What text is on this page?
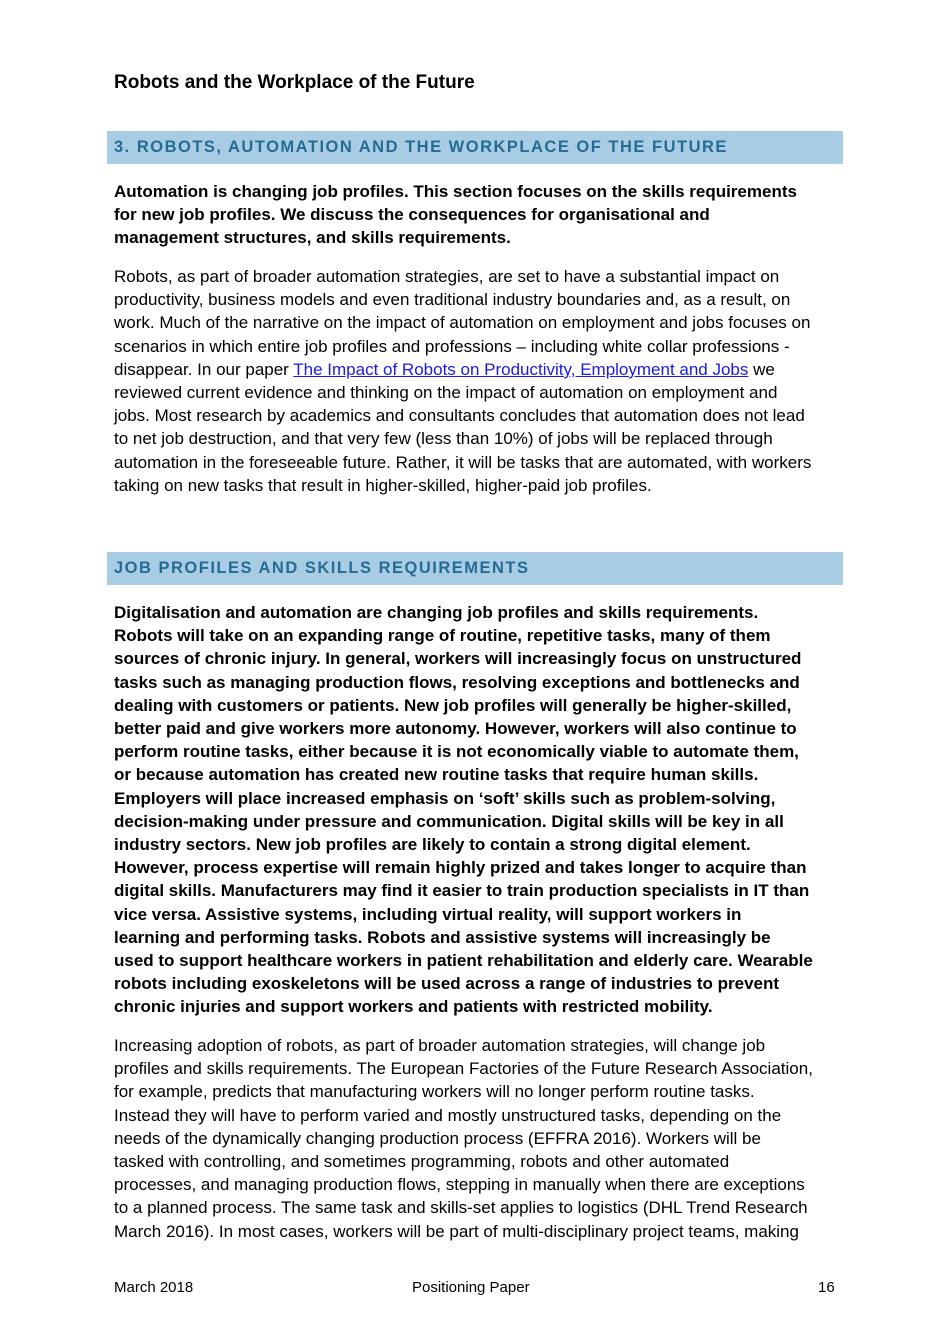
Robots and the Workplace of the Future
3. ROBOTS, AUTOMATION AND THE WORKPLACE OF THE FUTURE

Automation is changing job profiles. This section focuses on the skills requirements
for new job profiles. We discuss the consequences for organisational and
management structures, and skills requirements.

Robots, as part of broader automation strategies, are set to have a substantial impact on
productivity, business models and even traditional industry boundaries and, as a result, on
work. Much of the narrative on the impact of automation on employment and jobs focuses on
scenarios in which entire job profiles and professions – including white collar professions -
disappear. In our paper The Impact of Robots on Productivity, Employment and Jobs we
reviewed current evidence and thinking on the impact of automation on employment and
jobs. Most research by academics and consultants concludes that automation does not lead
to net job destruction, and that very few (less than 10%) of jobs will be replaced through
automation in the foreseeable future. Rather, it will be tasks that are automated, with workers
taking on new tasks that result in higher-skilled, higher-paid job profiles.

JOB PROFILES AND SKILLS REQUIREMENTS

Digitalisation and automation are changing job profiles and skills requirements.
Robots will take on an expanding range of routine, repetitive tasks, many of them
sources of chronic injury. In general, workers will increasingly focus on unstructured
tasks such as managing production flows, resolving exceptions and bottlenecks and
dealing with customers or patients. New job profiles will generally be higher-skilled,
better paid and give workers more autonomy. However, workers will also continue to
perform routine tasks, either because it is not economically viable to automate them,
or because automation has created new routine tasks that require human skills.
Employers will place increased emphasis on ‘soft’ skills such as problem-solving,
decision-making under pressure and communication. Digital skills will be key in all
industry sectors. New job profiles are likely to contain a strong digital element.
However, process expertise will remain highly prized and takes longer to acquire than
digital skills. Manufacturers may find it easier to train production specialists in IT than
vice versa. Assistive systems, including virtual reality, will support workers in
learning and performing tasks. Robots and assistive systems will increasingly be
used to support healthcare workers in patient rehabilitation and elderly care. Wearable
robots including exoskeletons will be used across a range of industries to prevent
chronic injuries and support workers and patients with restricted mobility.

Increasing adoption of robots, as part of broader automation strategies, will change job
profiles and skills requirements. The European Factories of the Future Research Association,
for example, predicts that manufacturing workers will no longer perform routine tasks.
Instead they will have to perform varied and mostly unstructured tasks, depending on the
needs of the dynamically changing production process (EFFRA 2016). Workers will be
tasked with controlling, and sometimes programming, robots and other automated
processes, and managing production flows, stepping in manually when there are exceptions
to a planned process. The same task and skills-set applies to logistics (DHL Trend Research
March 2016). In most cases, workers will be part of multi-disciplinary project teams, making

March 2018	Positioning Paper	16
